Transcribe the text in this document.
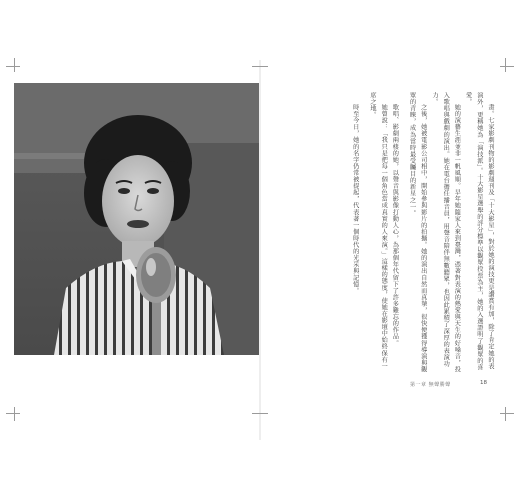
畫。七家影劇刊物的影劇週刊及「十大影星」，對於她的演技更是讚賞有加，除了肯定她的表演外，更稱她為「演技派」。十大影星選舉的評分標準以觀眾投票為主，她的入選證明了觀眾的喜愛。

她的演藝生涯並非一帆風順。早年她隨家人來到臺灣，憑著對表演的熱愛與天生的好嗓音，投入歌唱與戲劇的演出。她在電台擔任播音員，用聲音陪伴無數聽眾，也因此累積了深厚的表演功力。

之後，她被電影公司相中，開始參與影片的拍攝。她的演出自然而真摯，很快便獲得導演與觀眾的青睞，成為當時最受矚目的新星之一。

歌唱、影劇兩棲的她，以聲音與影像打動人心，為那個年代留下了許多難忘的作品。

她曾說：「我只是把每一個角色當成真實的人來演。」這樣的態度，使她在影壇中始終保有一席之地。

時至今日，她的名字仍常被提起，代表著一個時代的光采與記憶。

第一章 無聲勝聲	18
